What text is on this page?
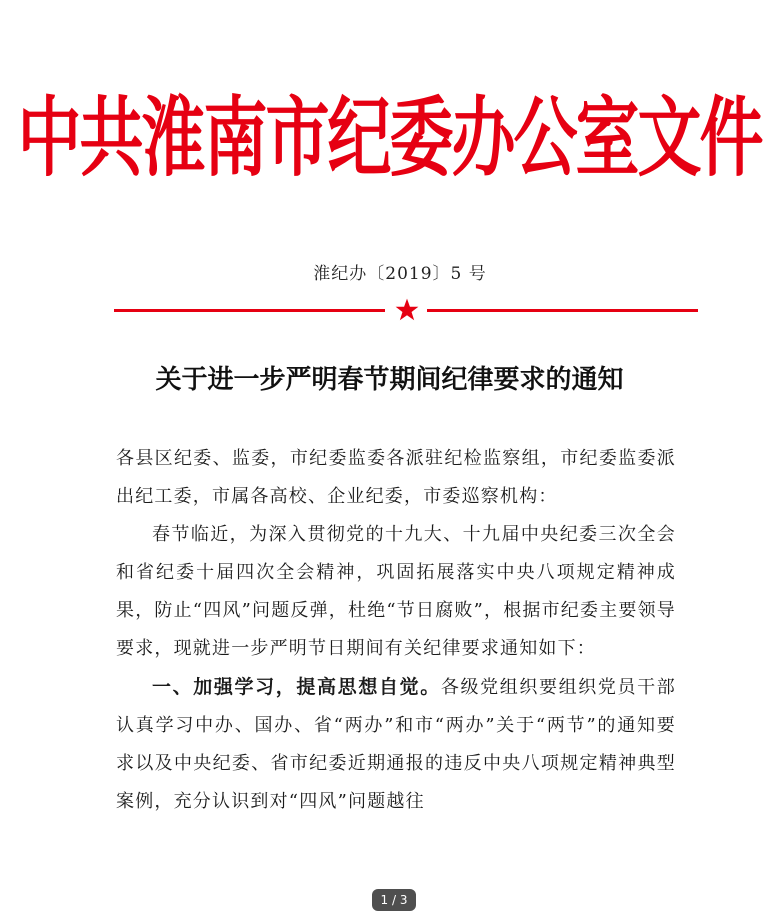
中共淮南市纪委办公室文件
淮纪办〔2019〕5 号
关于进一步严明春节期间纪律要求的通知

各县区纪委、监委，市纪委监委各派驻纪检监察组，市纪委监委派出纪工委，市属各高校、企业纪委，市委巡察机构：

春节临近，为深入贯彻党的十九大、十九届中央纪委三次全会和省纪委十届四次全会精神，巩固拓展落实中央八项规定精神成果，防止“四风”问题反弹，杜绝“节日腐败”，根据市纪委主要领导要求，现就进一步严明节日期间有关纪律要求通知如下：

一、加强学习，提高思想自觉。各级党组织要组织党员干部认真学习中办、国办、省“两办”和市“两办”关于“两节”的通知要求以及中央纪委、省市纪委近期通报的违反中央八项规定精神典型案例，充分认识到对“四风”问题越往

1 / 3
